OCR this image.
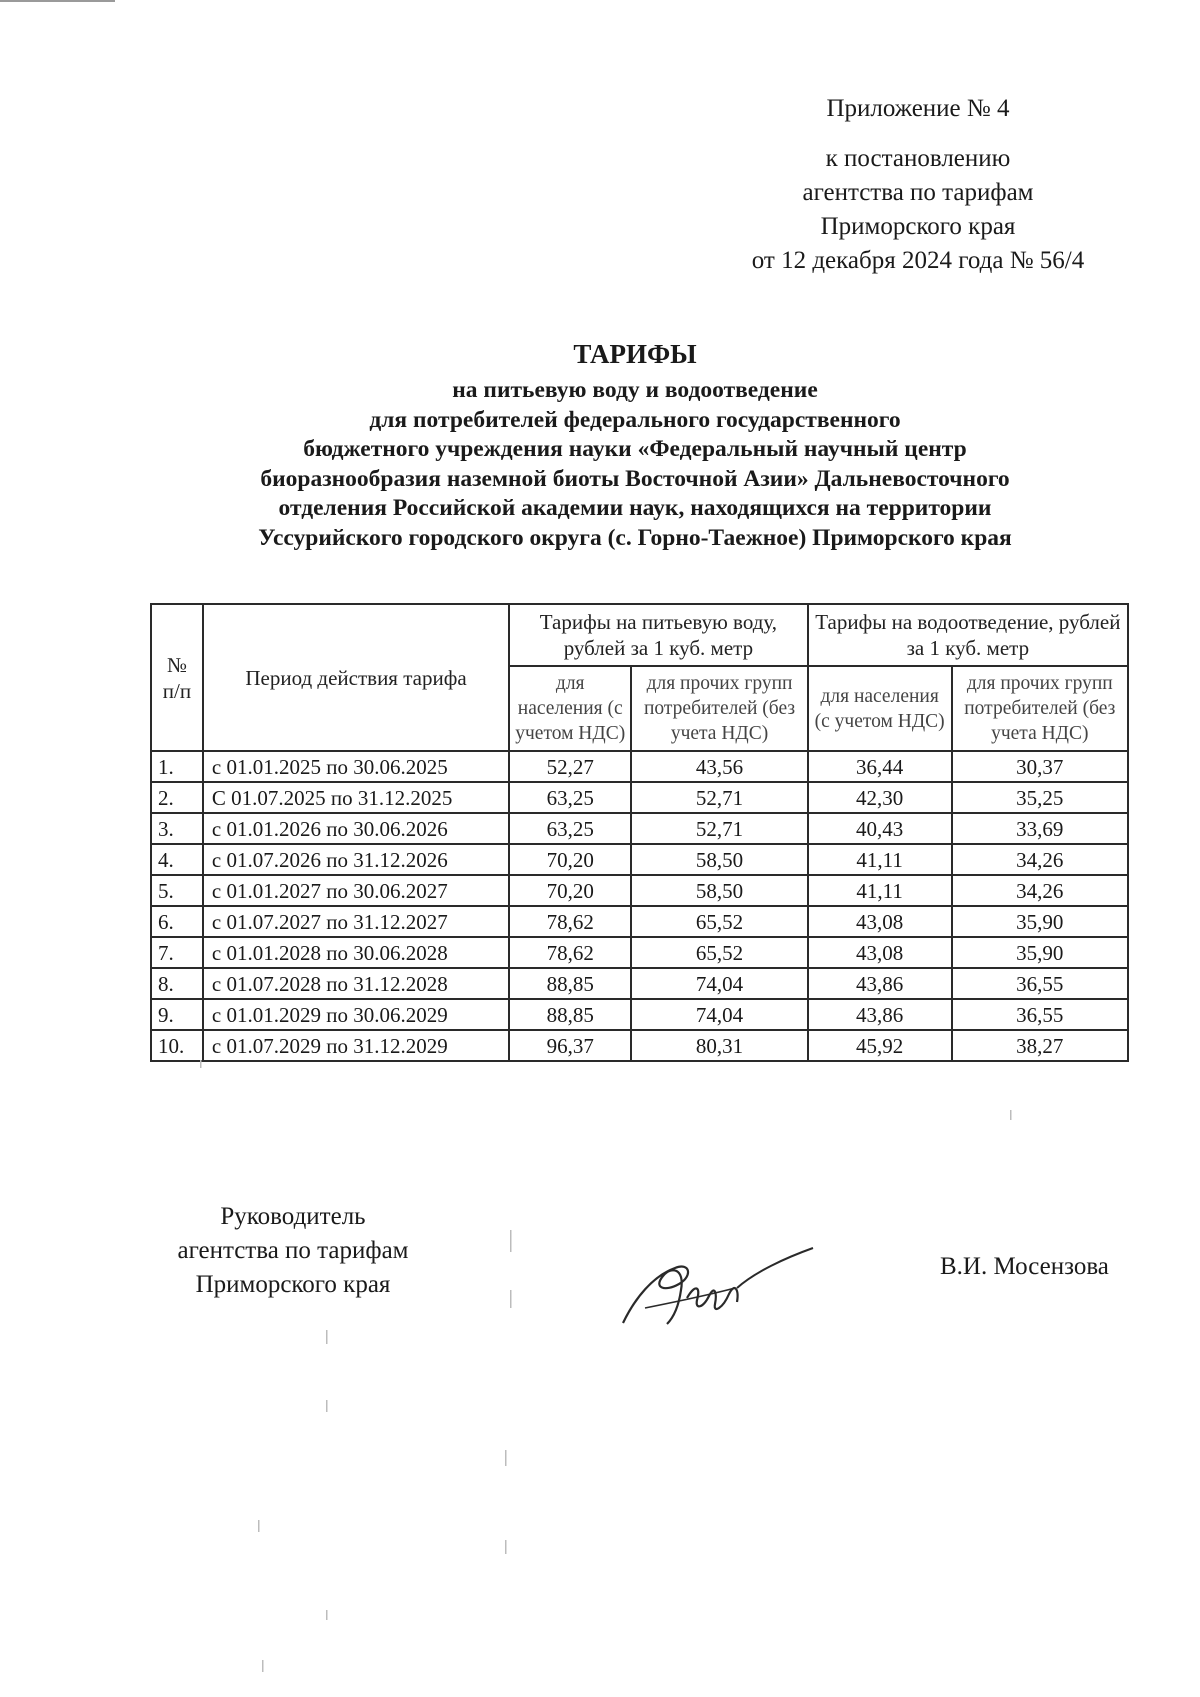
Приложение № 4
к постановлению
агентства по тарифам
Приморского края
от 12 декабря 2024 года № 56/4
ТАРИФЫ
на питьевую воду и водоотведение
для потребителей федерального государственного
бюджетного учреждения науки «Федеральный научный центр
биоразнообразия наземной биоты Восточной Азии» Дальневосточного
отделения Российской академии наук, находящихся на территории
Уссурийского городского округа (с. Горно-Таежное) Приморского края
№ п/п	Период действия тарифа	Тарифы на питьевую воду, рублей за 1 куб. метр		Тарифы на водоотведение, рублей за 1 куб. метр	
		для населения (с учетом НДС)	для прочих групп потребителей (без учета НДС)	для населения (с учетом НДС)	для прочих групп потребителей (без учета НДС)
1.	с 01.01.2025 по 30.06.2025	52,27	43,56	36,44	30,37
2.	С 01.07.2025 по 31.12.2025	63,25	52,71	42,30	35,25
3.	с 01.01.2026 по 30.06.2026	63,25	52,71	40,43	33,69
4.	с 01.07.2026 по 31.12.2026	70,20	58,50	41,11	34,26
5.	с 01.01.2027 по 30.06.2027	70,20	58,50	41,11	34,26
6.	с 01.07.2027 по 31.12.2027	78,62	65,52	43,08	35,90
7.	с 01.01.2028 по 30.06.2028	78,62	65,52	43,08	35,90
8.	с 01.07.2028 по 31.12.2028	88,85	74,04	43,86	36,55
9.	с 01.01.2029 по 30.06.2029	88,85	74,04	43,86	36,55
10.	с 01.07.2029 по 31.12.2029	96,37	80,31	45,92	38,27
Руководитель
агентства по тарифам
Приморского края
В.И. Мосензова
